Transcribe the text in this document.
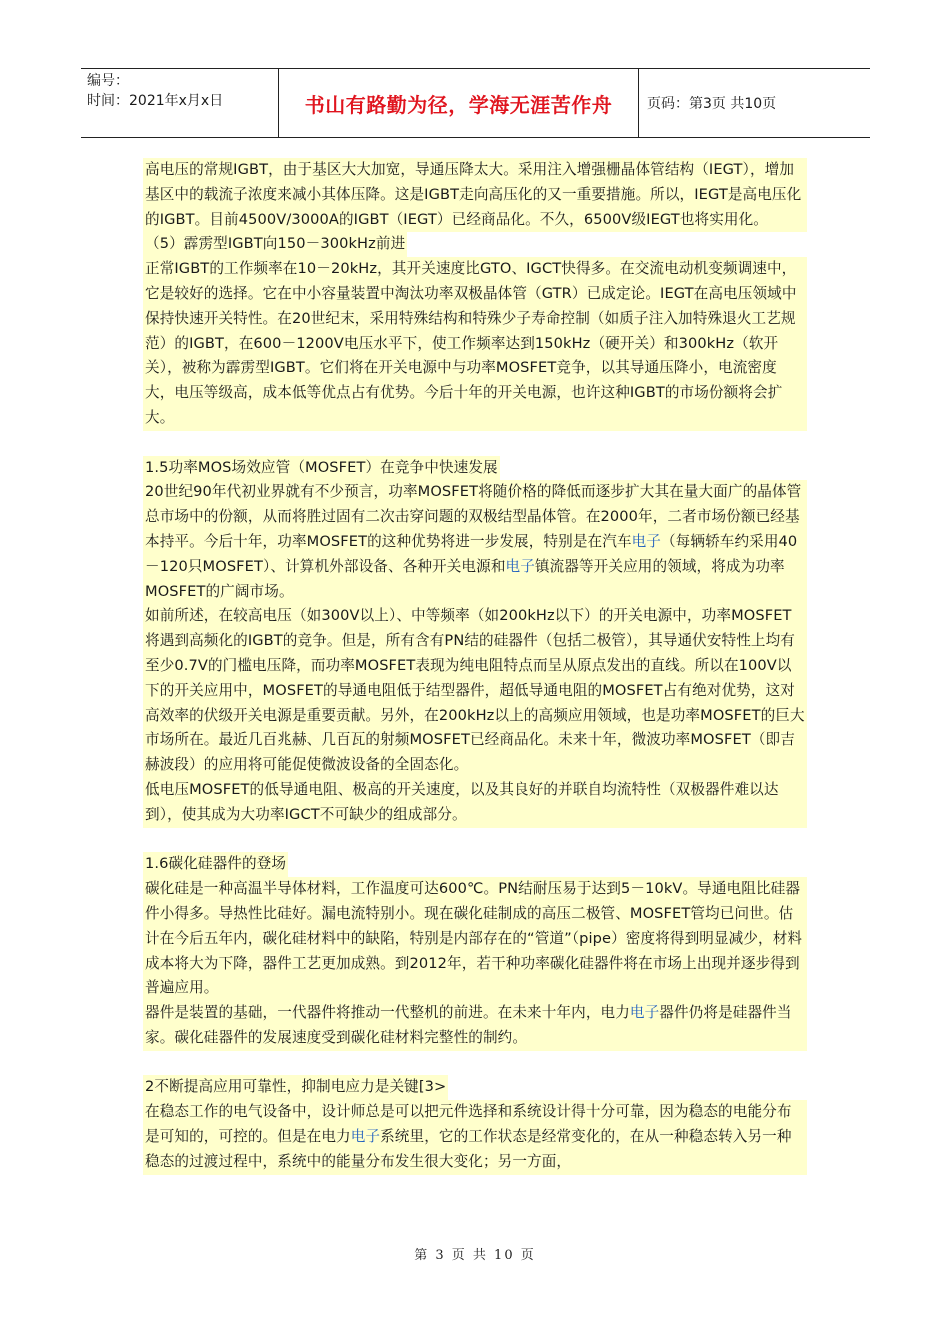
编号：
时间：2021年x月x日	书山有路勤为径，学海无涯苦作舟 页码：第3页 共10页

高电压的常规IGBT，由于基区大大加宽，导通压降太大。采用注入增强栅晶体管结构（IEGT），增加基区中的载流子浓度来减小其体压降。这是IGBT走向高压化的又一重要措施。所以，IEGT是高电压化的IGBT。目前4500V/3000A的IGBT（IEGT）已经商品化。不久，6500V级IEGT也将实用化。

（5）霹雳型IGBT向150－300kHz前进

正常IGBT的工作频率在10－20kHz，其开关速度比GTO、IGCT快得多。在交流电动机变频调速中，它是较好的选择。它在中小容量装置中淘汰功率双极晶体管（GTR）已成定论。IEGT在高电压领域中保持快速开关特性。在20世纪末，采用特殊结构和特殊少子寿命控制（如质子注入加特殊退火工艺规范）的IGBT，在600－1200V电压水平下，使工作频率达到150kHz（硬开关）和300kHz（软开关），被称为霹雳型IGBT。它们将在开关电源中与功率MOSFET竞争，以其导通压降小，电流密度大，电压等级高，成本低等优点占有优势。今后十年的开关电源，也许这种IGBT的市场份额将会扩大。

1.5功率MOS场效应管（MOSFET）在竞争中快速发展

20世纪90年代初业界就有不少预言，功率MOSFET将随价格的降低而逐步扩大其在量大面广的晶体管总市场中的份额，从而将胜过固有二次击穿问题的双极结型晶体管。在2000年，二者市场份额已经基本持平。今后十年，功率MOSFET的这种优势将进一步发展，特别是在汽车电子（每辆轿车约采用40－120只MOSFET）、计算机外部设备、各种开关电源和电子镇流器等开关应用的领域，将成为功率MOSFET的广阔市场。

如前所述，在较高电压（如300V以上）、中等频率（如200kHz以下）的开关电源中，功率MOSFET将遇到高频化的IGBT的竞争。但是，所有含有PN结的硅器件（包括二极管），其导通伏安特性上均有至少0.7V的门槛电压降，而功率MOSFET表现为纯电阻特点而呈从原点发出的直线。所以在100V以下的开关应用中，MOSFET的导通电阻低于结型器件，超低导通电阻的MOSFET占有绝对优势，这对高效率的伏级开关电源是重要贡献。另外，在200kHz以上的高频应用领域，也是功率MOSFET的巨大市场所在。最近几百兆赫、几百瓦的射频MOSFET已经商品化。未来十年，微波功率MOSFET（即吉赫波段）的应用将可能促使微波设备的全固态化。

低电压MOSFET的低导通电阻、极高的开关速度，以及其良好的并联自均流特性（双极器件难以达到），使其成为大功率IGCT不可缺少的组成部分。

1.6碳化硅器件的登场

碳化硅是一种高温半导体材料，工作温度可达600℃。PN结耐压易于达到5－10kV。导通电阻比硅器件小得多。导热性比硅好。漏电流特别小。现在碳化硅制成的高压二极管、MOSFET管均已问世。估计在今后五年内，碳化硅材料中的缺陷，特别是内部存在的“管道”（pipe）密度将得到明显减少，材料成本将大为下降，器件工艺更加成熟。到2012年，若干种功率碳化硅器件将在市场上出现并逐步得到普遍应用。

器件是装置的基础，一代器件将推动一代整机的前进。在未来十年内，电力电子器件仍将是硅器件当家。碳化硅器件的发展速度受到碳化硅材料完整性的制约。

2不断提高应用可靠性，抑制电应力是关键[3>

在稳态工作的电气设备中，设计师总是可以把元件选择和系统设计得十分可靠，因为稳态的电能分布是可知的，可控的。但是在电力电子系统里，它的工作状态是经常变化的，在从一种稳态转入另一种稳态的过渡过程中，系统中的能量分布发生很大变化；另一方面，

第 3 页 共 10 页
